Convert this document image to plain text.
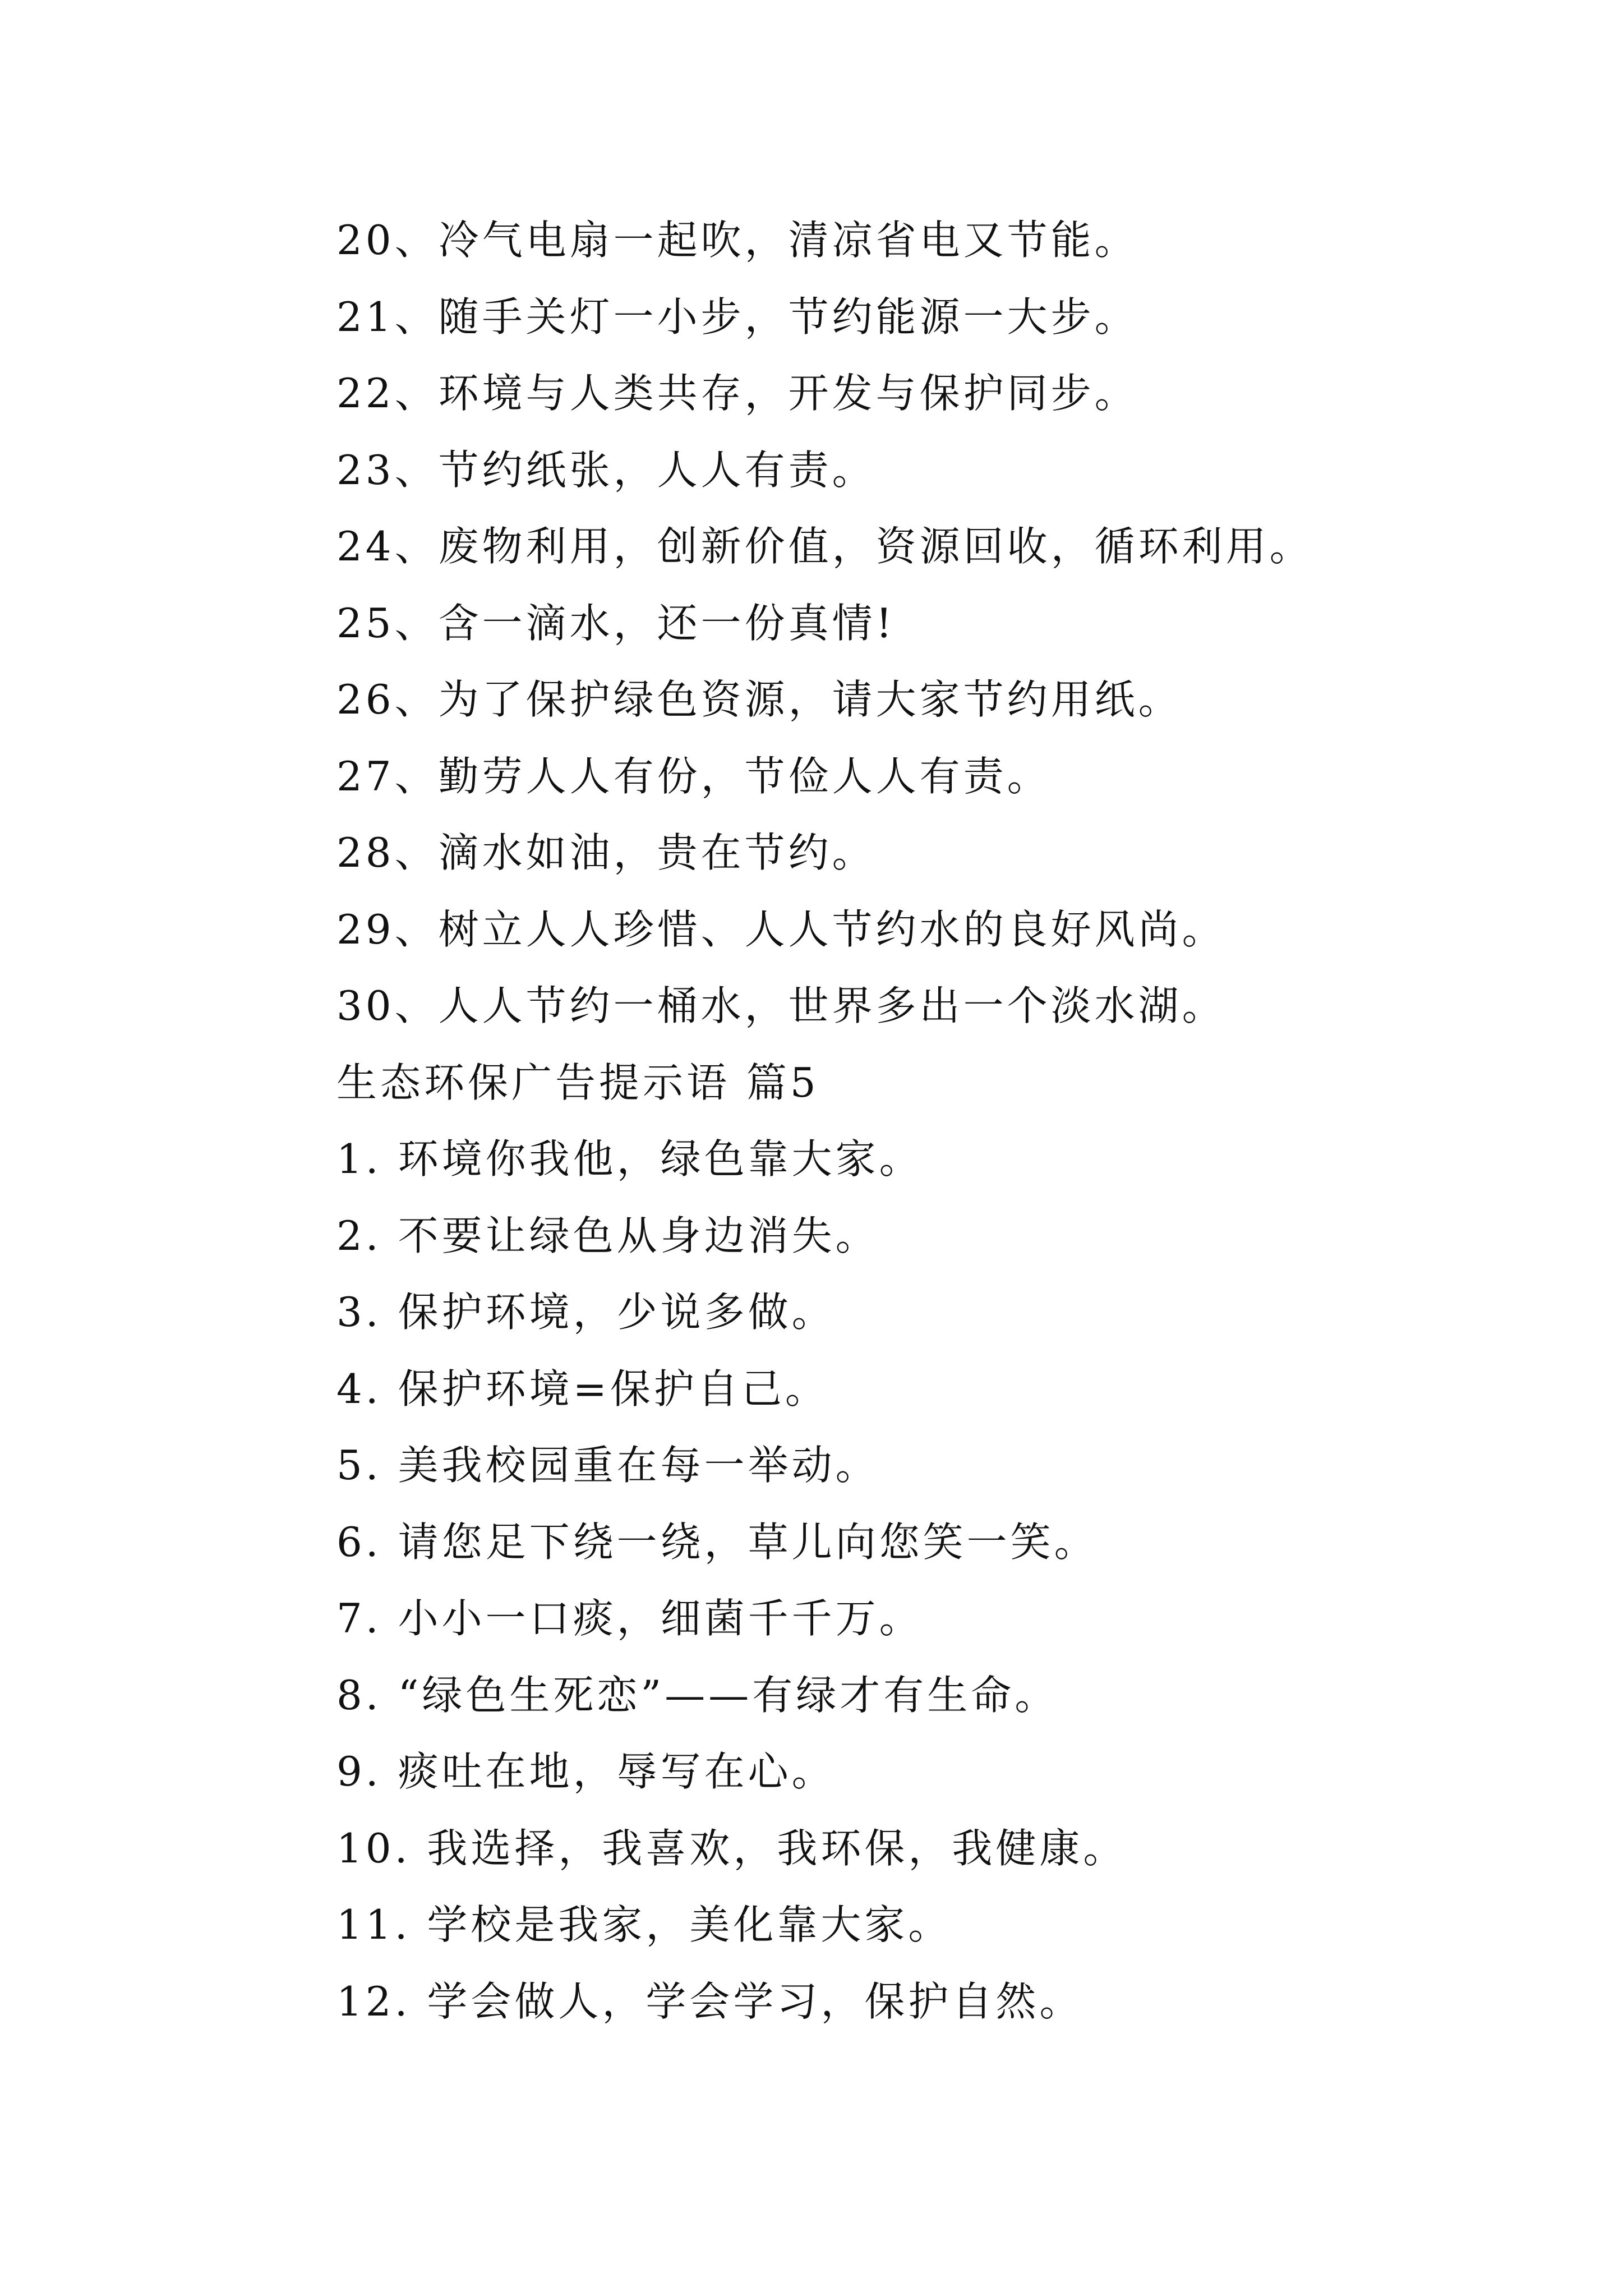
20、冷气电扇一起吹，清凉省电又节能。
21、随手关灯一小步，节约能源一大步。
22、环境与人类共存，开发与保护同步。
23、节约纸张，人人有责。
24、废物利用，创新价值，资源回收，循环利用。
25、含一滴水，还一份真情!
26、为了保护绿色资源，请大家节约用纸。
27、勤劳人人有份，节俭人人有责。
28、滴水如油，贵在节约。
29、树立人人珍惜、人人节约水的良好风尚。
30、人人节约一桶水，世界多出一个淡水湖。
生态环保广告提示语 篇5
1. 环境你我他，绿色靠大家。
2. 不要让绿色从身边消失。
3. 保护环境，少说多做。
4. 保护环境=保护自己。
5. 美我校园重在每一举动。
6. 请您足下绕一绕，草儿向您笑一笑。
7. 小小一口痰，细菌千千万。
8. “绿色生死恋”——有绿才有生命。
9. 痰吐在地，辱写在心。
10. 我选择，我喜欢，我环保，我健康。
11. 学校是我家，美化靠大家。
12. 学会做人，学会学习，保护自然。
